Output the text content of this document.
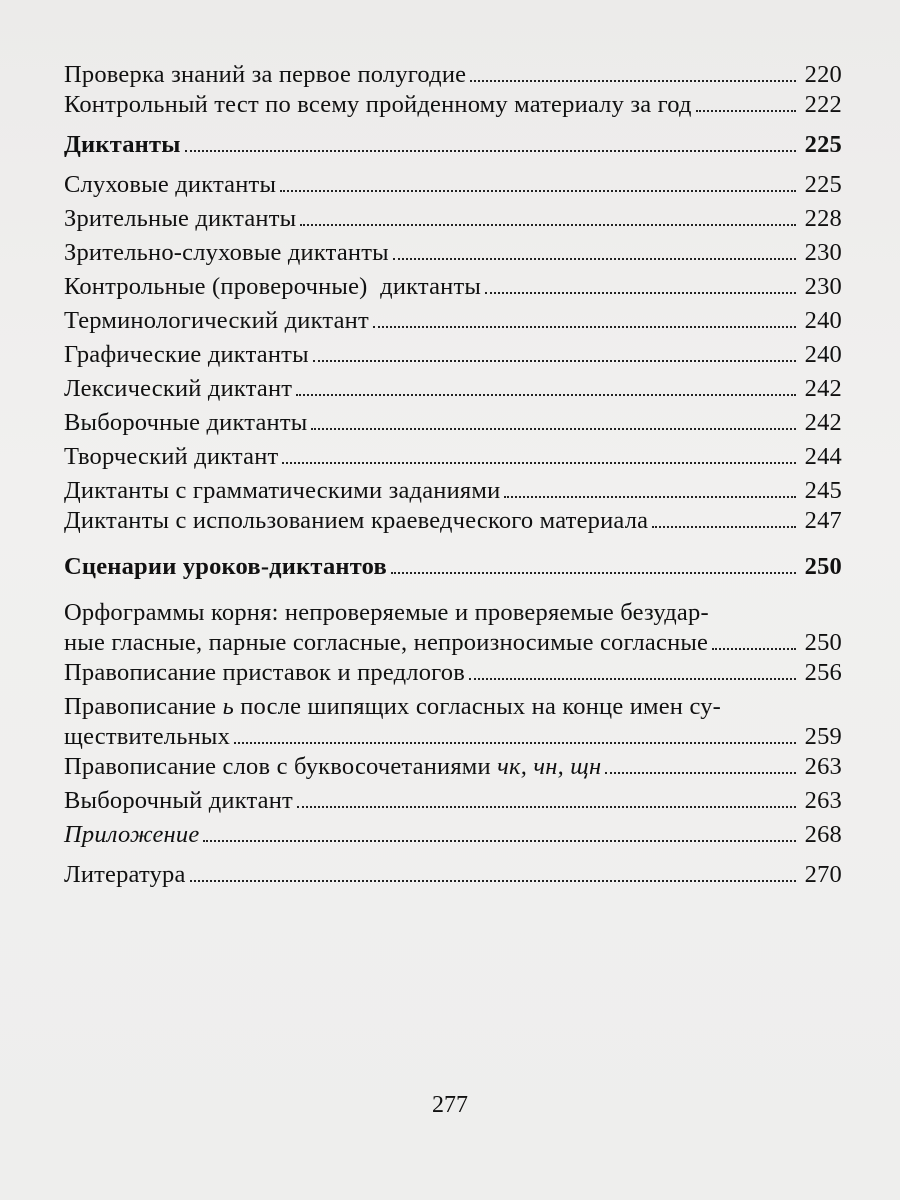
Проверка знаний за первое полугодие	220
Контрольный тест по всему пройденному материалу за год	222
Диктанты	225
Слуховые диктанты	225
Зрительные диктанты	228
Зрительно-слуховые диктанты	230
Контрольные (проверочные)  диктанты	230
Терминологический диктант	240
Графические диктанты	240
Лексический диктант	242
Выборочные диктанты	242
Творческий диктант	244
Диктанты с грамматическими заданиями	245
Диктанты с использованием краеведческого материала	247
Сценарии уроков-диктантов	250
Орфограммы корня: непроверяемые и проверяемые безудар-
ные гласные, парные согласные, непроизносимые согласные	250
Правописание приставок и предлогов	256
Правописание ь после шипящих согласных на конце имен су-
ществительных	259
Правописание слов с буквосочетаниями чк, чн, щн	263
Выборочный диктант	263
Приложение	268
Литература	270
277
